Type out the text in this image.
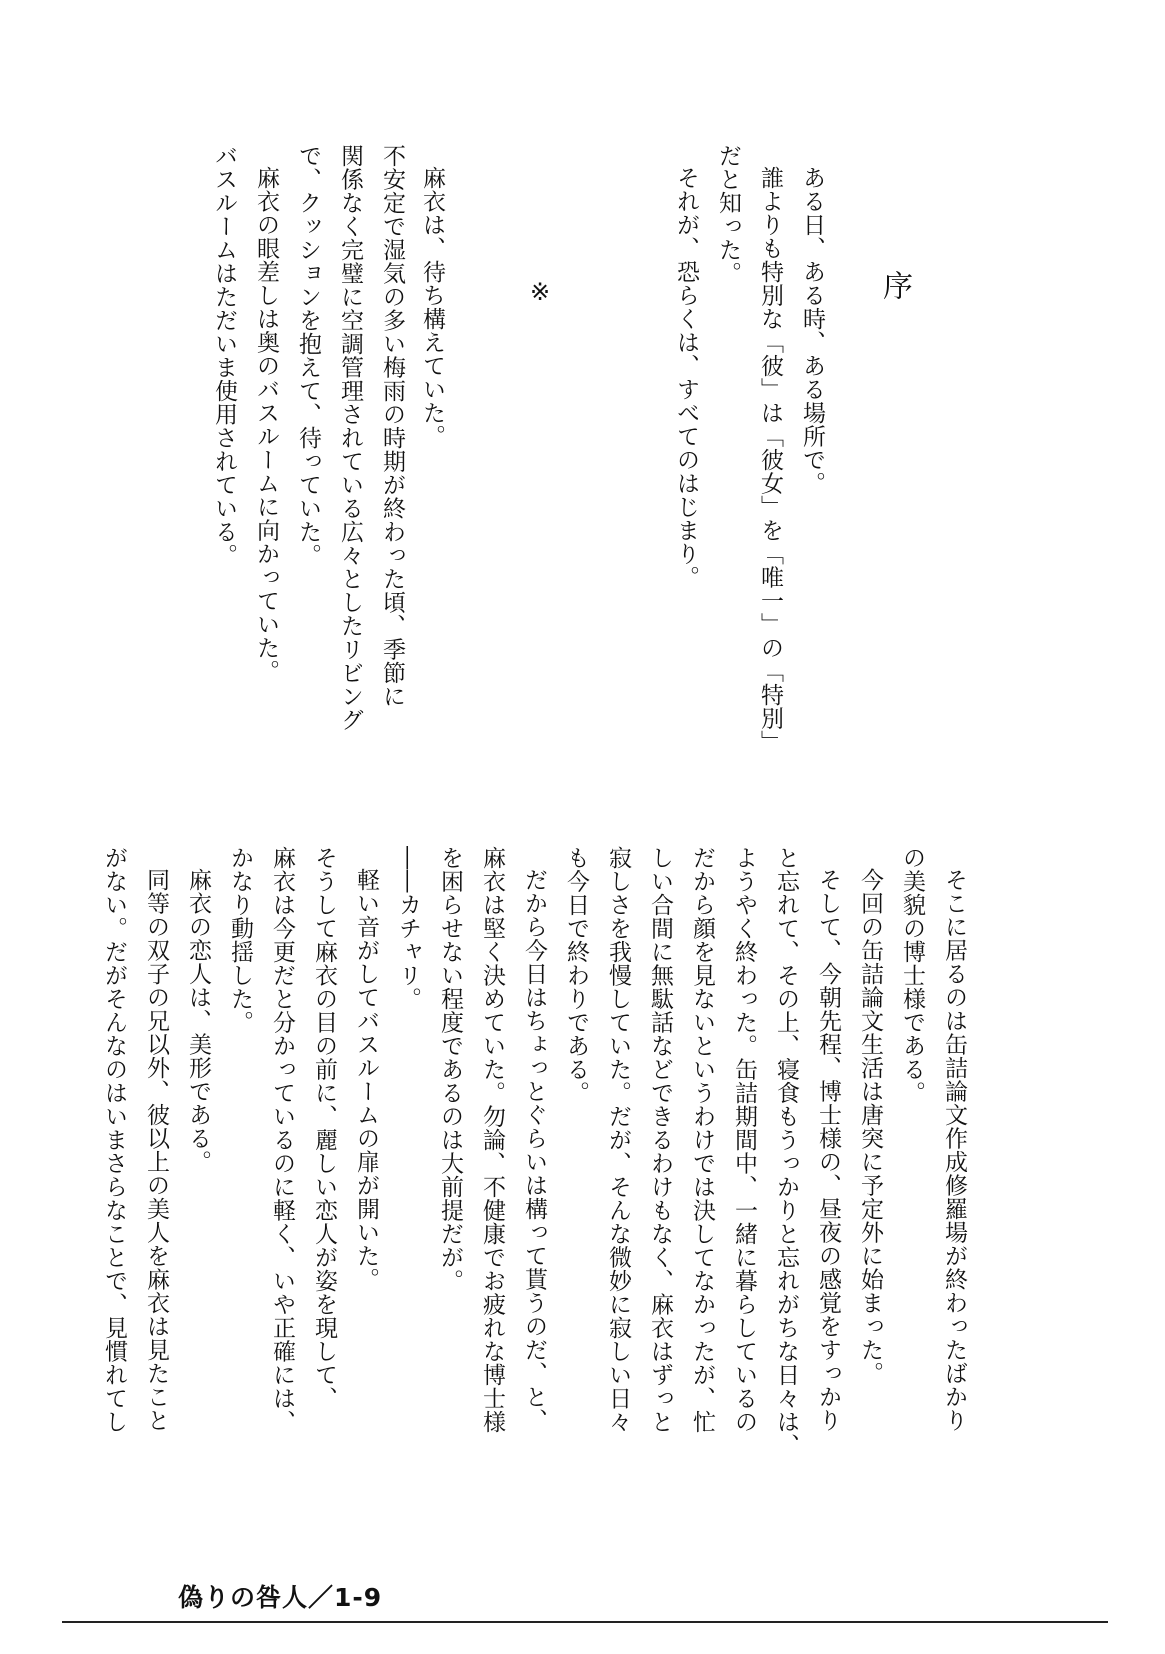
序
※	ある日、ある時、ある場所で。
誰よりも特別な「彼」は「彼女」を「唯一」の「特別」
だと知った。
それが、恐らくは、すべてのはじまり。
麻衣は、待ち構えていた。
不安定で湿気の多い梅雨の時期が終わった頃、季節に
関係なく完璧に空調管理されている広々としたリビング
で、クッションを抱えて、待っていた。
麻衣の眼差しは奥のバスルームに向かっていた。
バスルームはただいま使用されている。
そこに居るのは缶詰論文作成修羅場が終わったばかり
の美貌の博士様である。
今回の缶詰論文生活は唐突に予定外に始まった。
そして、今朝先程、博士様の、昼夜の感覚をすっかり
と忘れて、その上、寝食もうっかりと忘れがちな日々は、
ようやく終わった。缶詰期間中、一緒に暮らしているの
だから顔を見ないというわけでは決してなかったが、忙
しい合間に無駄話などできるわけもなく、麻衣はずっと
寂しさを我慢していた。だが、そんな微妙に寂しい日々
も今日で終わりである。
だから今日はちょっとぐらいは構って貰うのだ、と、
麻衣は堅く決めていた。勿論、不健康でお疲れな博士様
を困らせない程度であるのは大前提だが。
――カチャリ。
軽い音がしてバスルームの扉が開いた。
そうして麻衣の目の前に、麗しい恋人が姿を現して、
麻衣は今更だと分かっているのに軽く、いや正確には、
かなり動揺した。
麻衣の恋人は、美形である。
同等の双子の兄以外、彼以上の美人を麻衣は見たこと
がない。だがそんなのはいまさらなことで、見慣れてし
偽りの咎人／1-9
